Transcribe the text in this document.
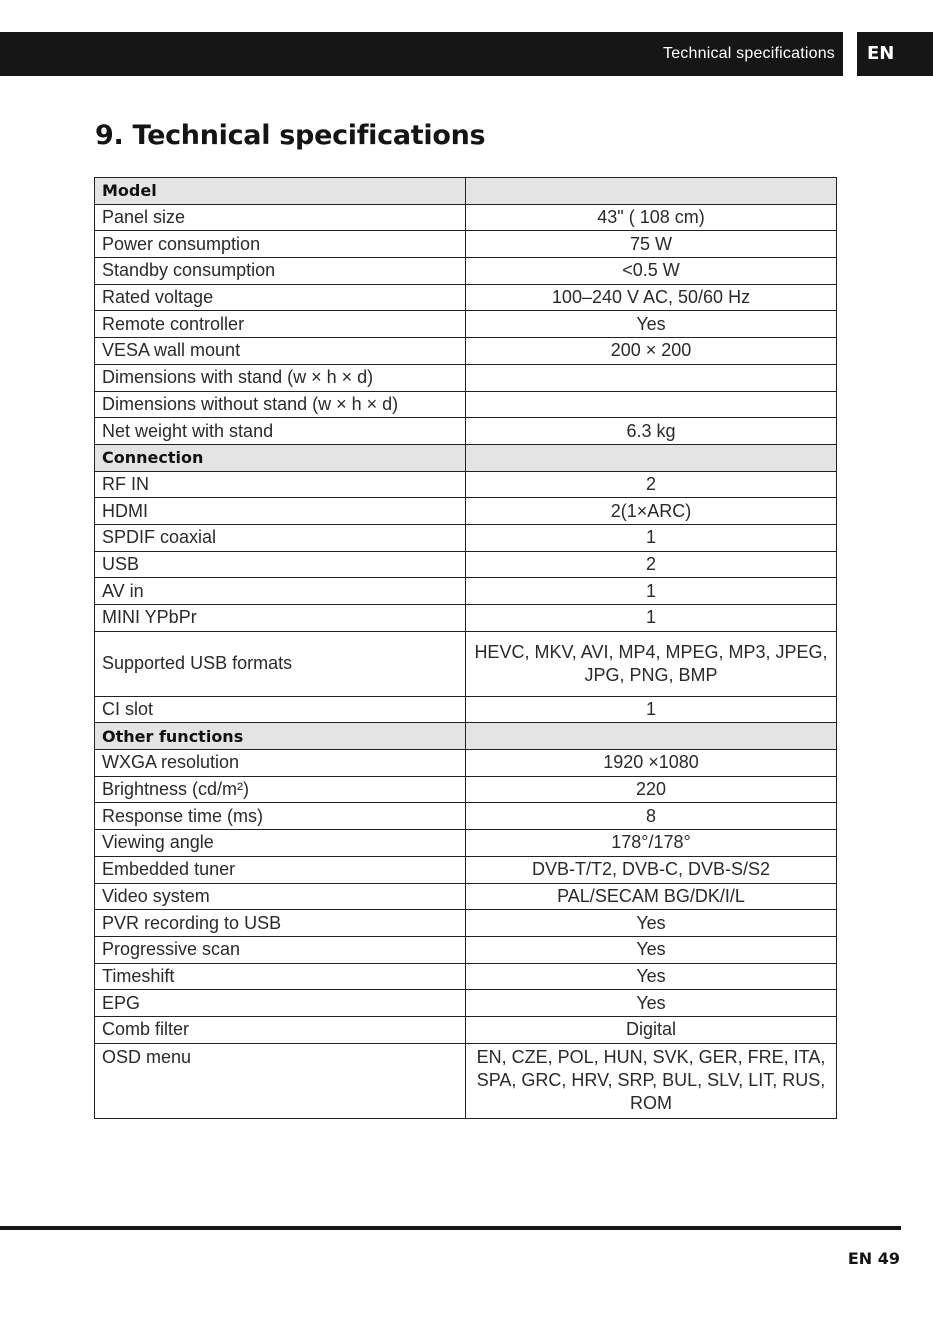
Technical specifications EN
9. Technical specifications
Model	
Panel size	43" ( 108 cm)
Power consumption	75 W
Standby consumption	<0.5 W
Rated voltage	100–240 V AC, 50/60 Hz
Remote controller	Yes
VESA wall mount	200 × 200
Dimensions with stand (w × h × d)	
Dimensions without stand (w × h × d)	
Net weight with stand	6.3 kg
Connection	
RF IN	2
HDMI	2(1×ARC)
SPDIF coaxial	1
USB	2
AV in	1
MINI YPbPr	1
Supported USB formats	HEVC, MKV, AVI, MP4, MPEG, MP3, JPEG, JPG, PNG, BMP
CI slot	1
Other functions	
WXGA resolution	1920 ×1080
Brightness (cd/m²)	220
Response time (ms)	8
Viewing angle	178°/178°
Embedded tuner	DVB-T/T2, DVB-C, DVB-S/S2
Video system	PAL/SECAM BG/DK/I/L
PVR recording to USB	Yes
Progressive scan	Yes
Timeshift	Yes
EPG	Yes
Comb filter	Digital
OSD menu	EN, CZE, POL, HUN, SVK, GER, FRE, ITA, SPA, GRC, HRV, SRP, BUL, SLV, LIT, RUS, ROM
EN 49
